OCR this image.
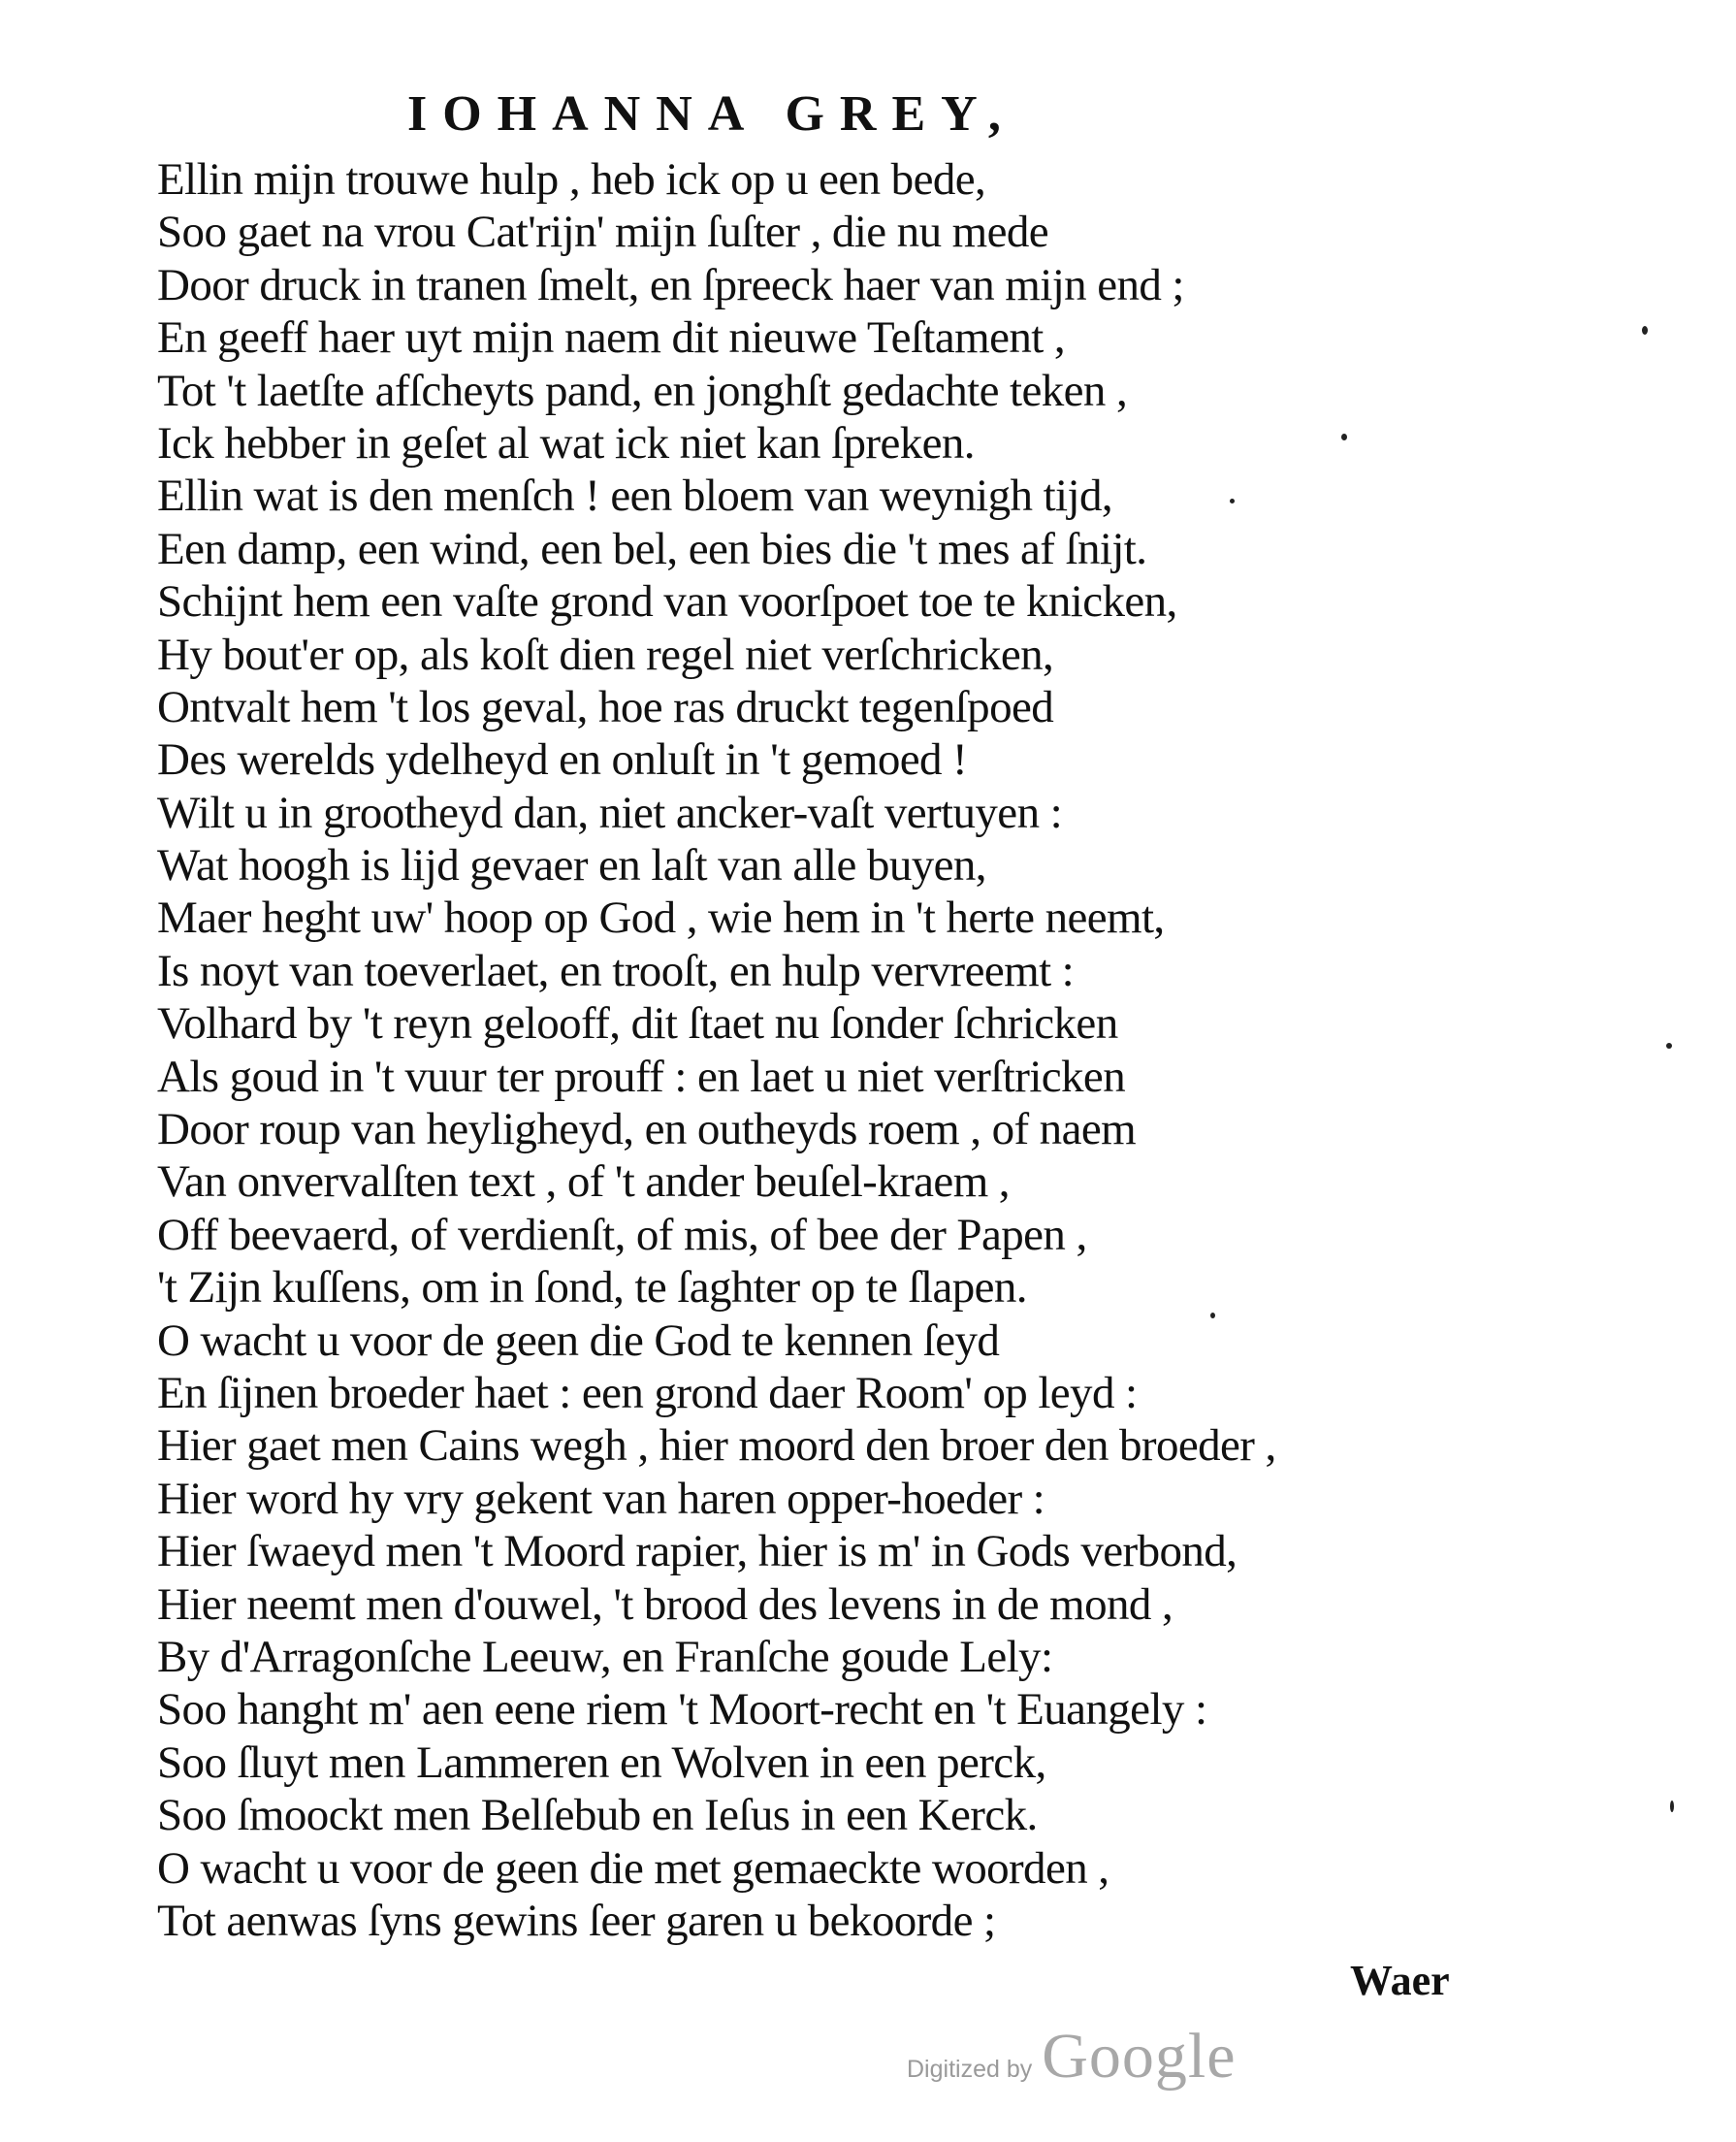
IOHANNA GREY,
Ellin mijn trouwe hulp , heb ick op u een bede,
Soo gaet na vrou Cat'rijn' mijn ſuſter , die nu mede
Door druck in tranen ſmelt, en ſpreeck haer van mijn end ;
En geeff haer uyt mijn naem dit nieuwe Teſtament ,
Tot 't laetſte afſcheyts pand, en jonghſt gedachte teken ,
Ick hebber in geſet al wat ick niet kan ſpreken.
Ellin wat is den menſch ! een bloem van weynigh tijd,
Een damp, een wind, een bel, een bies die 't mes af ſnijt.
Schijnt hem een vaſte grond van voorſpoet toe te knicken,
Hy bout'er op, als koſt dien regel niet verſchricken,
Ontvalt hem 't los geval, hoe ras druckt tegenſpoed
Des werelds ydelheyd en onluſt in 't gemoed !
Wilt u in grootheyd dan, niet ancker-vaſt vertuyen :
Wat hoogh is lijd gevaer en laſt van alle buyen,
Maer heght uw' hoop op God , wie hem in 't herte neemt,
Is noyt van toeverlaet, en trooſt, en hulp vervreemt :
Volhard by 't reyn gelooff, dit ſtaet nu ſonder ſchricken
Als goud in 't vuur ter prouff : en laet u niet verſtricken
Door roup van heyligheyd, en outheyds roem , of naem
Van onvervalſten text , of 't ander beuſel-kraem ,
Off beevaerd, of verdienſt, of mis, of bee der Papen ,
't Zijn kuſſens, om in ſond, te ſaghter op te ſlapen.
O wacht u voor de geen die God te kennen ſeyd
En ſijnen broeder haet : een grond daer Room' op leyd :
Hier gaet men Cains wegh , hier moord den broer den broeder ,
Hier word hy vry gekent van haren opper-hoeder :
Hier ſwaeyd men 't Moord rapier, hier is m' in Gods verbond,
Hier neemt men d'ouwel, 't brood des levens in de mond ,
By d'Arragonſche Leeuw, en Franſche goude Lely:
Soo hanght m' aen eene riem 't Moort-recht en 't Euangely :
Soo ſluyt men Lammeren en Wolven in een perck,
Soo ſmoockt men Belſebub en Ieſus in een Kerck.
O wacht u voor de geen die met gemaeckte woorden ,
Tot aenwas ſyns gewins ſeer garen u bekoorde ;
Waer
Digitized by Google
